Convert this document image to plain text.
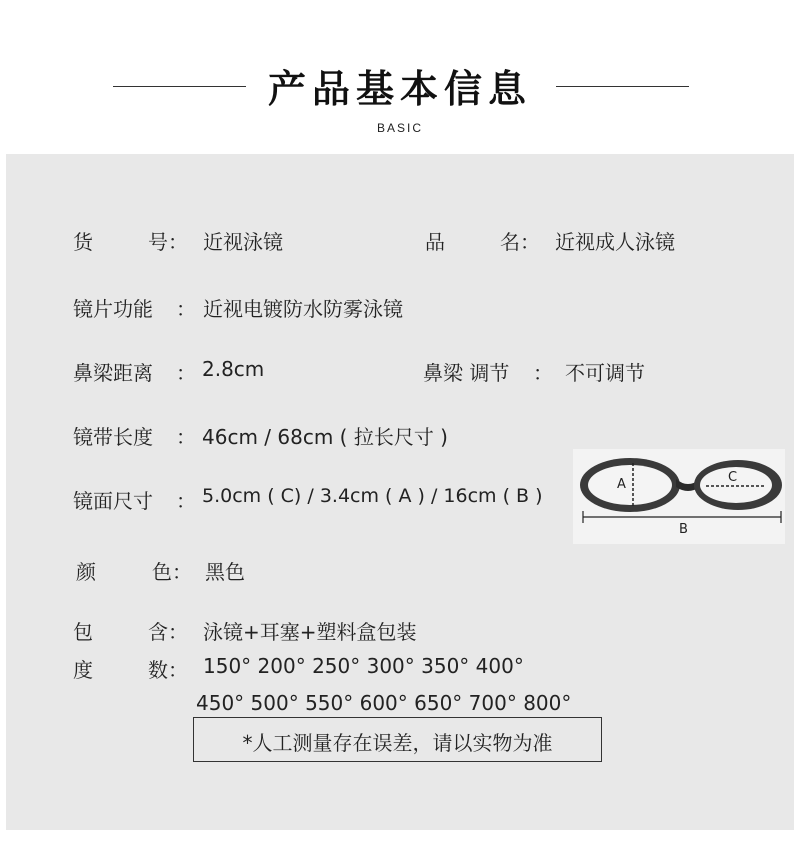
产品基本信息
BASIC
货	号： 近视泳镜	品	名： 近视成人泳镜
镜片功能 ： 近视电镀防水防雾泳镜
鼻梁距离 ： 2.8cm	鼻梁 调节 ： 不可调节
镜带长度 ： 46cm / 68cm ( 拉长尺寸 )
镜面尺寸 ： 5.0cm ( C) / 3.4cm ( A ) / 16cm ( B )
颜	色： 黑色
包	含： 泳镜+耳塞+塑料盒包装
度	数： 150° 200° 250° 300° 350° 400°
450° 500° 550° 600° 650° 700° 800°
*人工测量存在误差，请以实物为准
A	C
B
